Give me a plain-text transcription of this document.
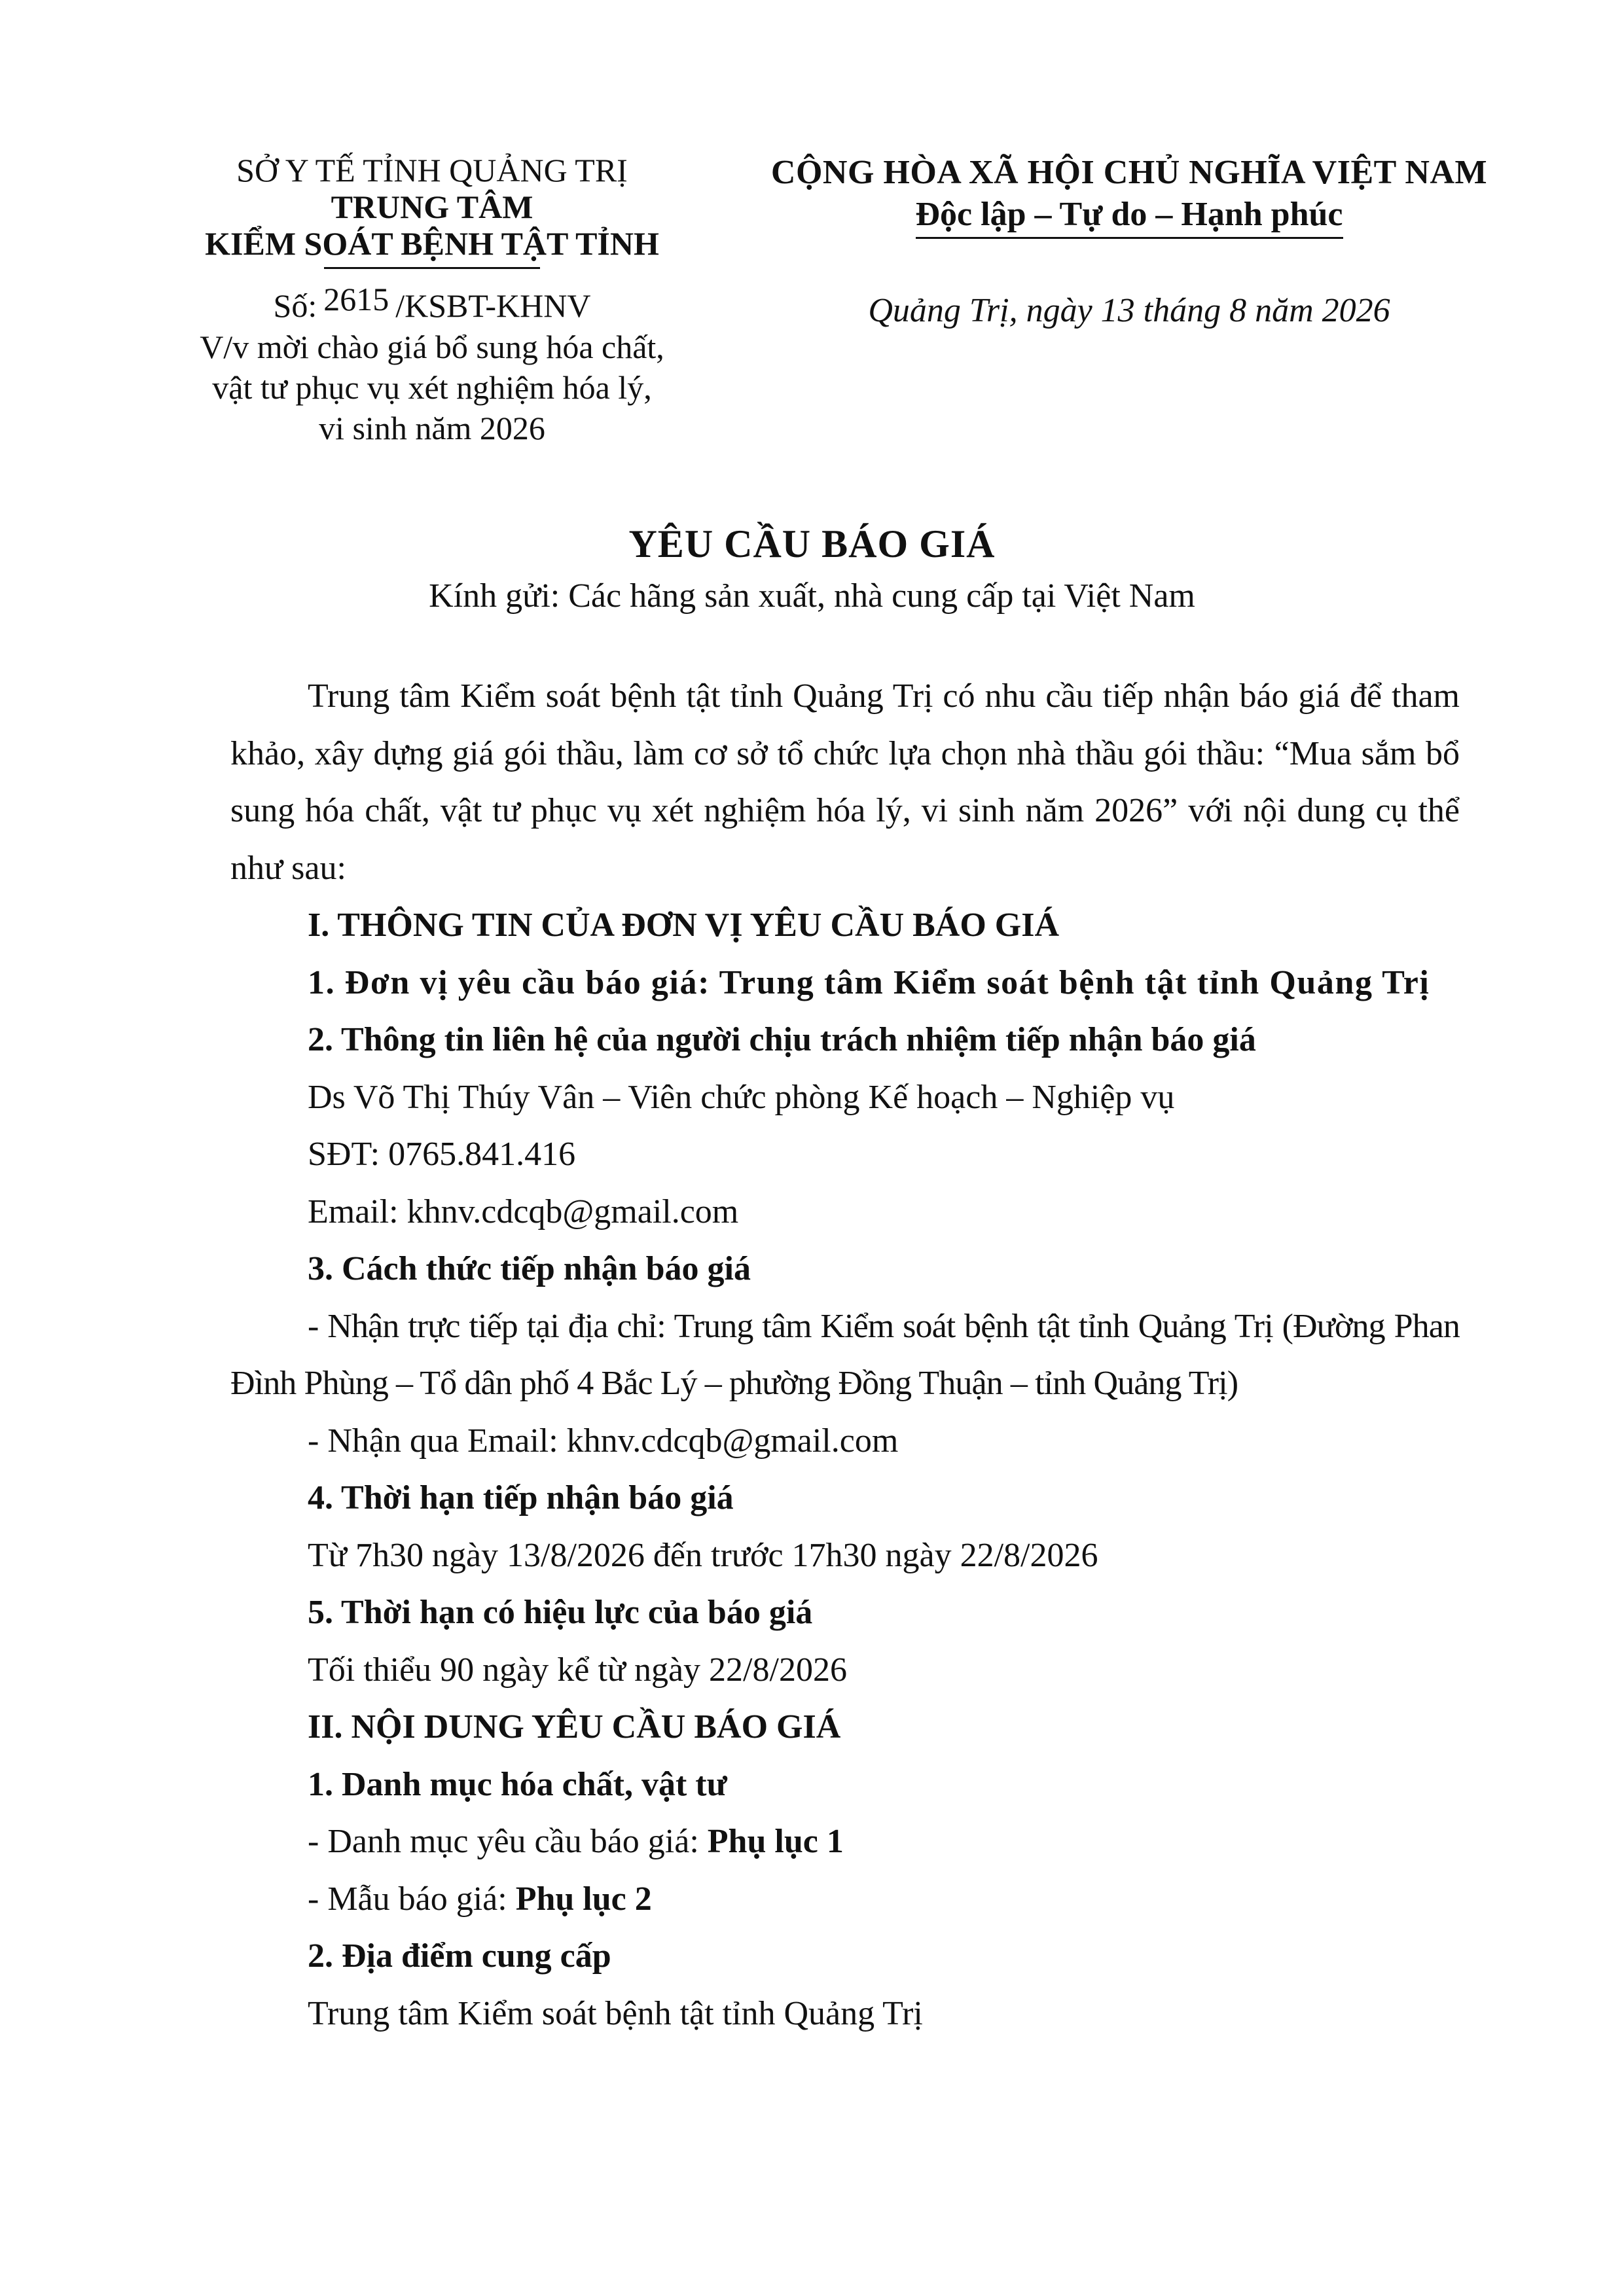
SỞ Y TẾ TỈNH QUẢNG TRỊ
TRUNG TÂM
KIỂM SOÁT BỆNH TẬT TỈNH
Số: 2615 /KSBT-KHNV
V/v mời chào giá bổ sung hóa chất,
vật tư phục vụ xét nghiệm hóa lý,
vi sinh năm 2026
CỘNG HÒA XÃ HỘI CHỦ NGHĨA VIỆT NAM
Độc lập – Tự do – Hạnh phúc
Quảng Trị, ngày 13 tháng 8 năm 2026
YÊU CẦU BÁO GIÁ
Kính gửi: Các hãng sản xuất, nhà cung cấp tại Việt Nam

Trung tâm Kiểm soát bệnh tật tỉnh Quảng Trị có nhu cầu tiếp nhận báo giá để tham khảo, xây dựng giá gói thầu, làm cơ sở tổ chức lựa chọn nhà thầu gói thầu: “Mua sắm bổ sung hóa chất, vật tư phục vụ xét nghiệm hóa lý, vi sinh năm 2026” với nội dung cụ thể như sau:

I. THÔNG TIN CỦA ĐƠN VỊ YÊU CẦU BÁO GIÁ

1. Đơn vị yêu cầu báo giá: Trung tâm Kiểm soát bệnh tật tỉnh Quảng Trị

2. Thông tin liên hệ của người chịu trách nhiệm tiếp nhận báo giá

Ds Võ Thị Thúy Vân – Viên chức phòng Kế hoạch – Nghiệp vụ

SĐT: 0765.841.416

Email: khnv.cdcqb@gmail.com

3. Cách thức tiếp nhận báo giá

- Nhận trực tiếp tại địa chỉ: Trung tâm Kiểm soát bệnh tật tỉnh Quảng Trị (Đường Phan Đình Phùng – Tổ dân phố 4 Bắc Lý – phường Đồng Thuận – tỉnh Quảng Trị)

- Nhận qua Email: khnv.cdcqb@gmail.com

4. Thời hạn tiếp nhận báo giá

Từ 7h30 ngày 13/8/2026 đến trước 17h30 ngày 22/8/2026

5. Thời hạn có hiệu lực của báo giá

Tối thiểu 90 ngày kể từ ngày 22/8/2026

II. NỘI DUNG YÊU CẦU BÁO GIÁ

1. Danh mục hóa chất, vật tư

- Danh mục yêu cầu báo giá: Phụ lục 1

- Mẫu báo giá: Phụ lục 2

2. Địa điểm cung cấp

Trung tâm Kiểm soát bệnh tật tỉnh Quảng Trị
